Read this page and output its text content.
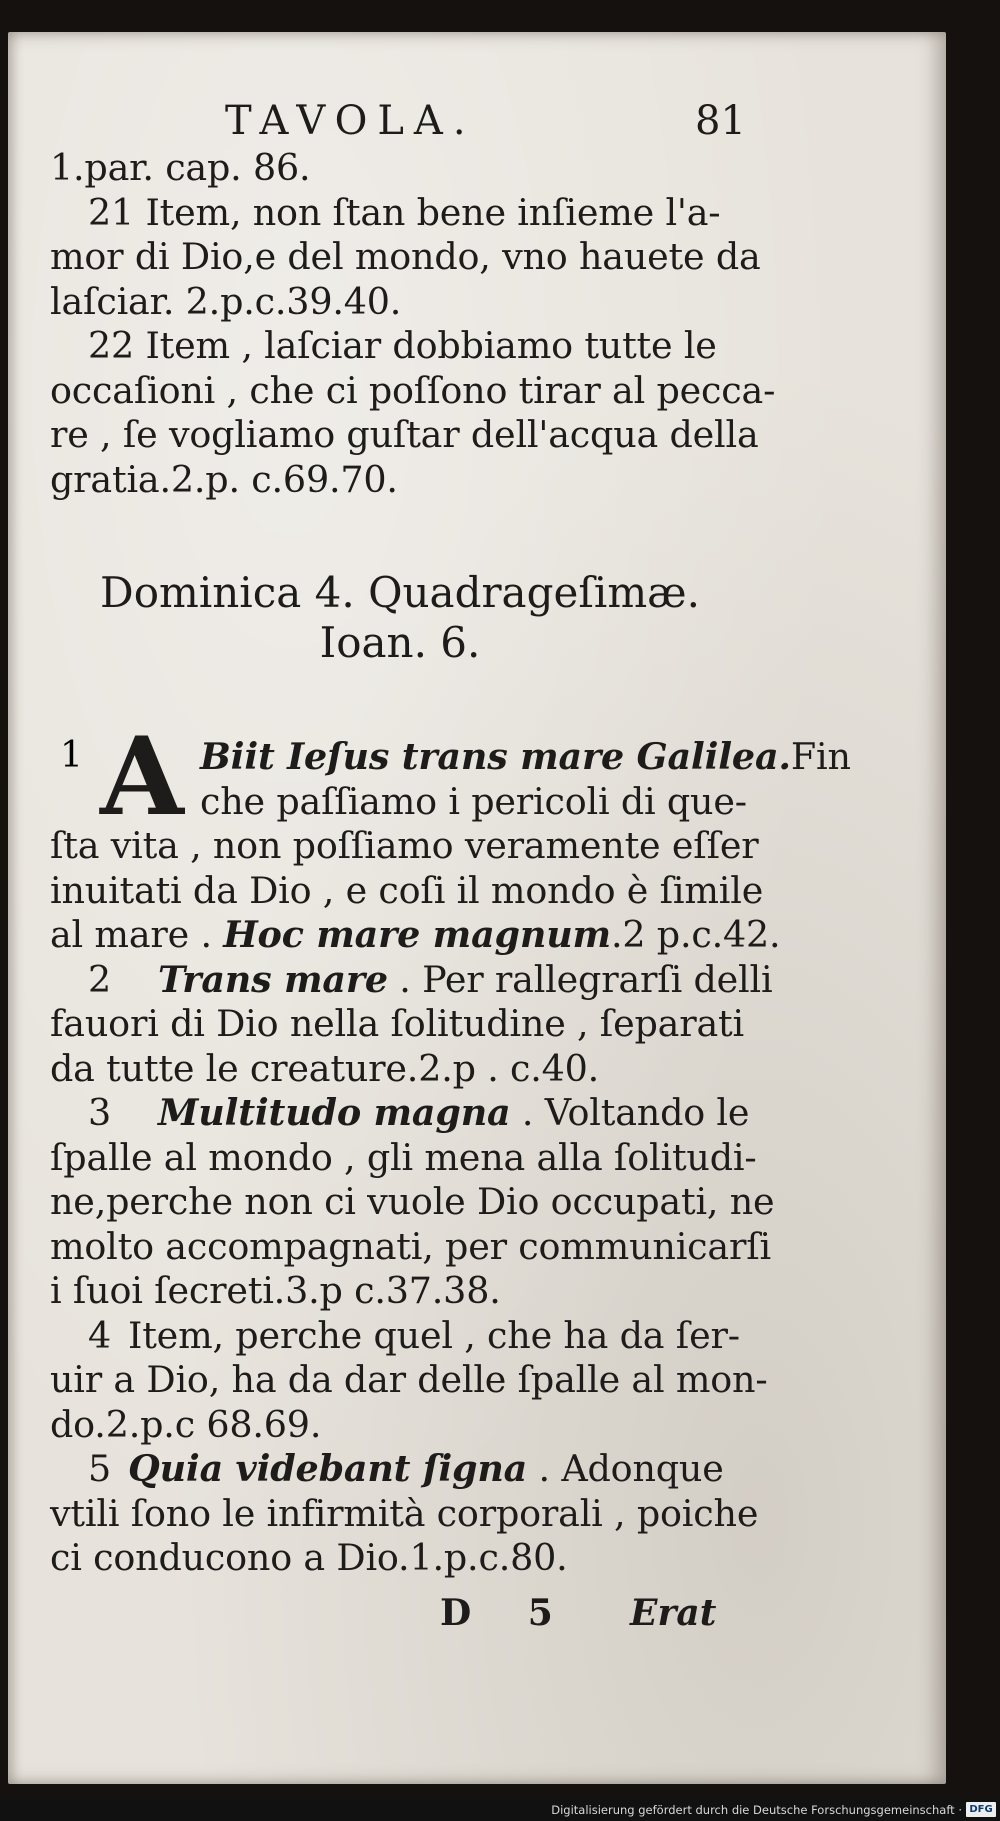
TAVOLA.	81
1.par. cap. 86.
21 Item, non ſtan bene inſieme l'a-
mor di Dio,e del mondo, vno hauete da
laſciar. 2.p.c.39.40.
22 Item , laſciar dobbiamo tutte le
occaſioni , che ci poſſono tirar al pecca-
re , ſe vogliamo guſtar dell'acqua della
gratia.2.p. c.69.70.
Dominica 4. Quadrageſimæ.
Ioan. 6.
1 A Biit Ieſus trans mare Galilea.Fin
che paſſiamo i pericoli di que-
ſta vita , non poſſiamo veramente eſſer
inuitati da Dio , e coſi il mondo è ſimile
al mare . Hoc mare magnum.2 p.c.42.
2 Trans mare . Per rallegrarſi delli
fauori di Dio nella ſolitudine , ſeparati
da tutte le creature.2.p . c.40.
3 Multitudo magna . Voltando le
ſpalle al mondo , gli mena alla ſolitudi-
ne,perche non ci vuole Dio occupati, ne
molto accompagnati, per communicarſi
i ſuoi ſecreti.3.p c.37.38.
4 Item, perche quel , che ha da ſer-
uir a Dio, ha da dar delle ſpalle al mon-
do.2.p.c 68.69.
5 Quia videbant ſigna . Adonque
vtili ſono le infirmità corporali , poiche
ci conducono a Dio.1.p.c.80.
D 5 Erat
Digitalisierung gefördert durch die Deutsche Forschungsgemeinschaft · DFG
